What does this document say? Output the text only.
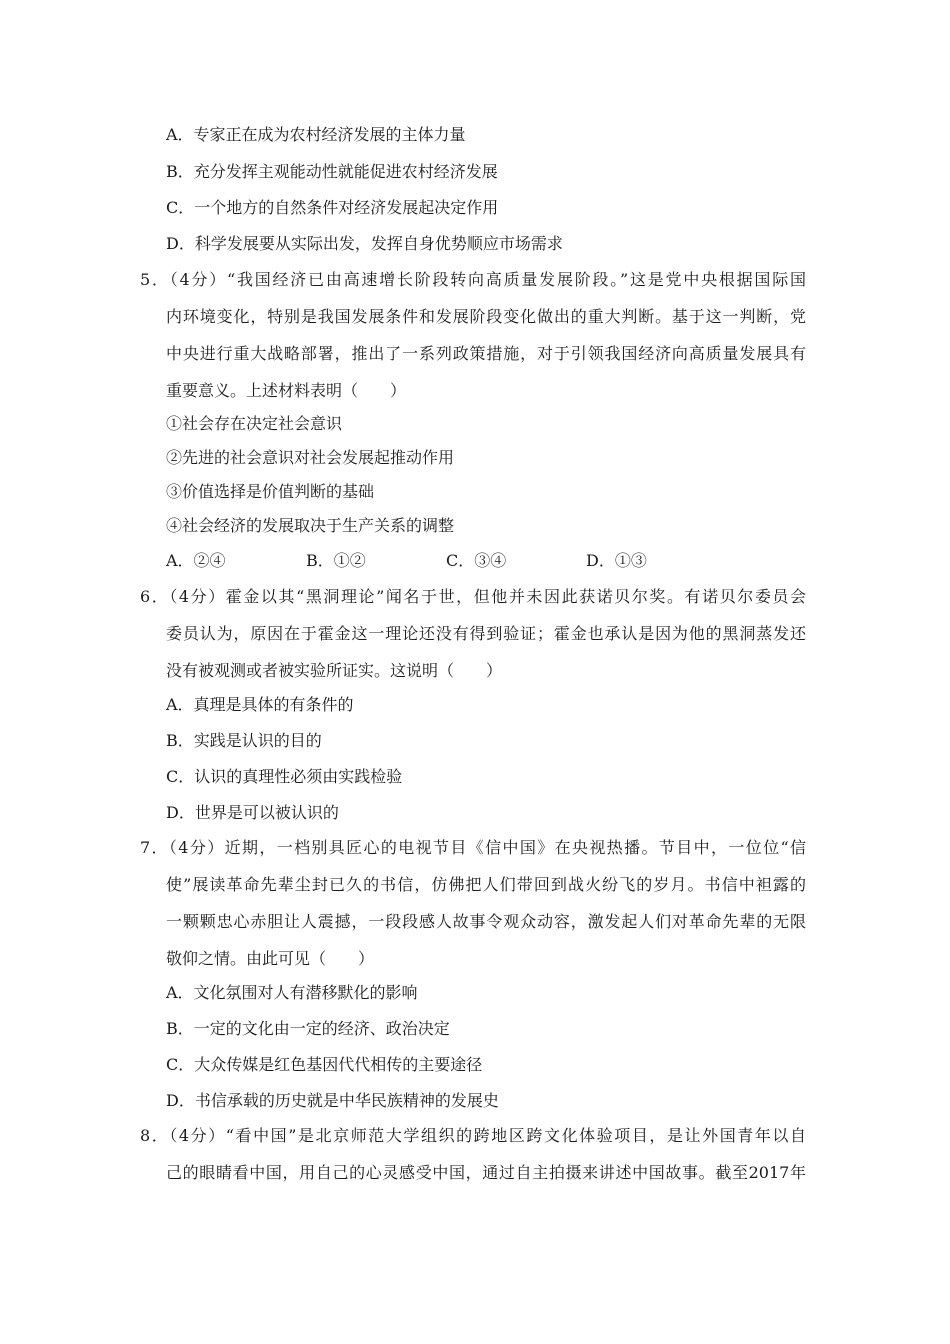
A．专家正在成为农村经济发展的主体力量
B．充分发挥主观能动性就能促进农村经济发展
C．一个地方的自然条件对经济发展起决定作用
D．科学发展要从实际出发，发挥自身优势顺应市场需求
5．（4分）“我国经济已由高速增长阶段转向高质量发展阶段。”这是党中央根据国际国
内环境变化，特别是我国发展条件和发展阶段变化做出的重大判断。基于这一判断，党
中央进行重大战略部署，推出了一系列政策措施，对于引领我国经济向高质量发展具有
重要意义。上述材料表明（　　）
①社会存在决定社会意识
②先进的社会意识对社会发展起推动作用
③价值选择是价值判断的基础
④社会经济的发展取决于生产关系的调整
A．②④	B．①②	C．③④	D．①③
6．（4分）霍金以其“黑洞理论”闻名于世，但他并未因此获诺贝尔奖。有诺贝尔委员会
委员认为，原因在于霍金这一理论还没有得到验证；霍金也承认是因为他的黑洞蒸发还
没有被观测或者被实验所证实。这说明（　　）
A．真理是具体的有条件的
B．实践是认识的目的
C．认识的真理性必须由实践检验
D．世界是可以被认识的
7．（4分）近期，一档别具匠心的电视节目《信中国》在央视热播。节目中，一位位“信
使”展读革命先辈尘封已久的书信，仿佛把人们带回到战火纷飞的岁月。书信中袒露的
一颗颗忠心赤胆让人震撼，一段段感人故事令观众动容，激发起人们对革命先辈的无限
敬仰之情。由此可见（　　）
A．文化氛围对人有潜移默化的影响
B．一定的文化由一定的经济、政治决定
C．大众传媒是红色基因代代相传的主要途径
D．书信承载的历史就是中华民族精神的发展史
8．（4分）“看中国”是北京师范大学组织的跨地区跨文化体验项目，是让外国青年以自
己的眼睛看中国，用自己的心灵感受中国，通过自主拍摄来讲述中国故事。截至2017年
